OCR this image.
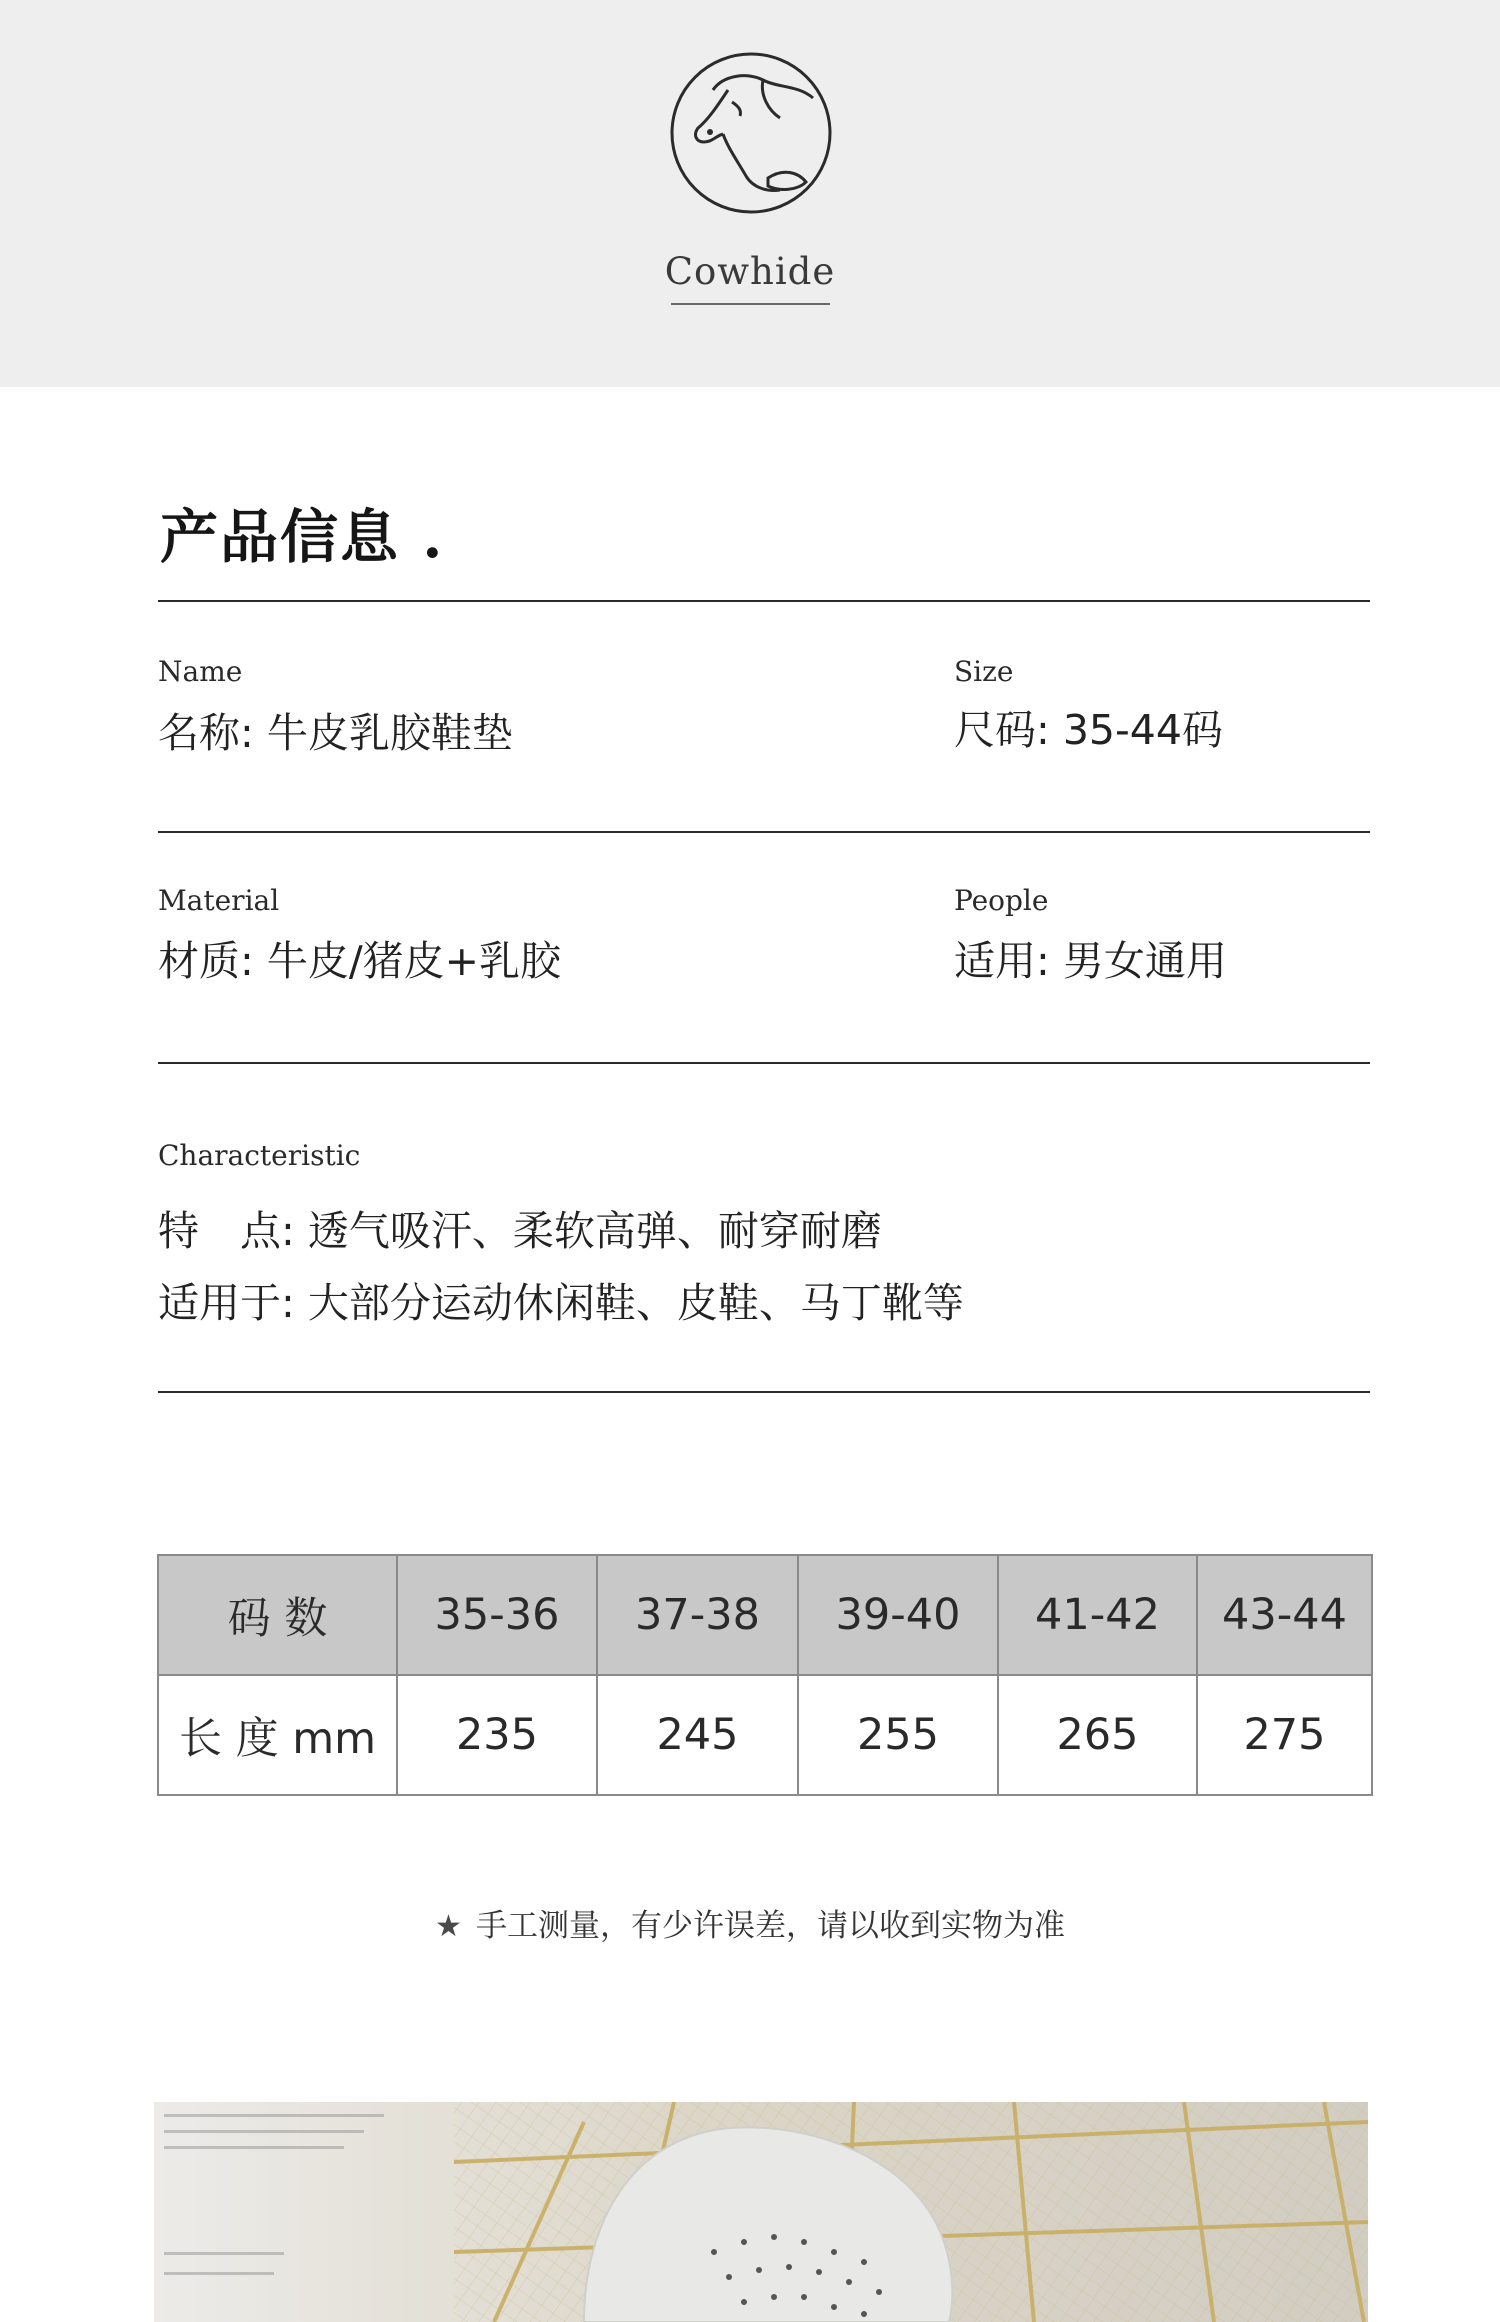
Cowhide
产品信息 .
Name
名称: 牛皮乳胶鞋垫
Size
尺码: 35-44码
Material
材质: 牛皮/猪皮+乳胶
People
适用: 男女通用
Characteristic
特　点: 透气吸汗、柔软高弹、耐穿耐磨
适用于: 大部分运动休闲鞋、皮鞋、马丁靴等
码 数	35-36	37-38	39-40	41-42	43-44
长 度 mm	235	245	255	265	275
★ 手工测量，有少许误差，请以收到实物为准
